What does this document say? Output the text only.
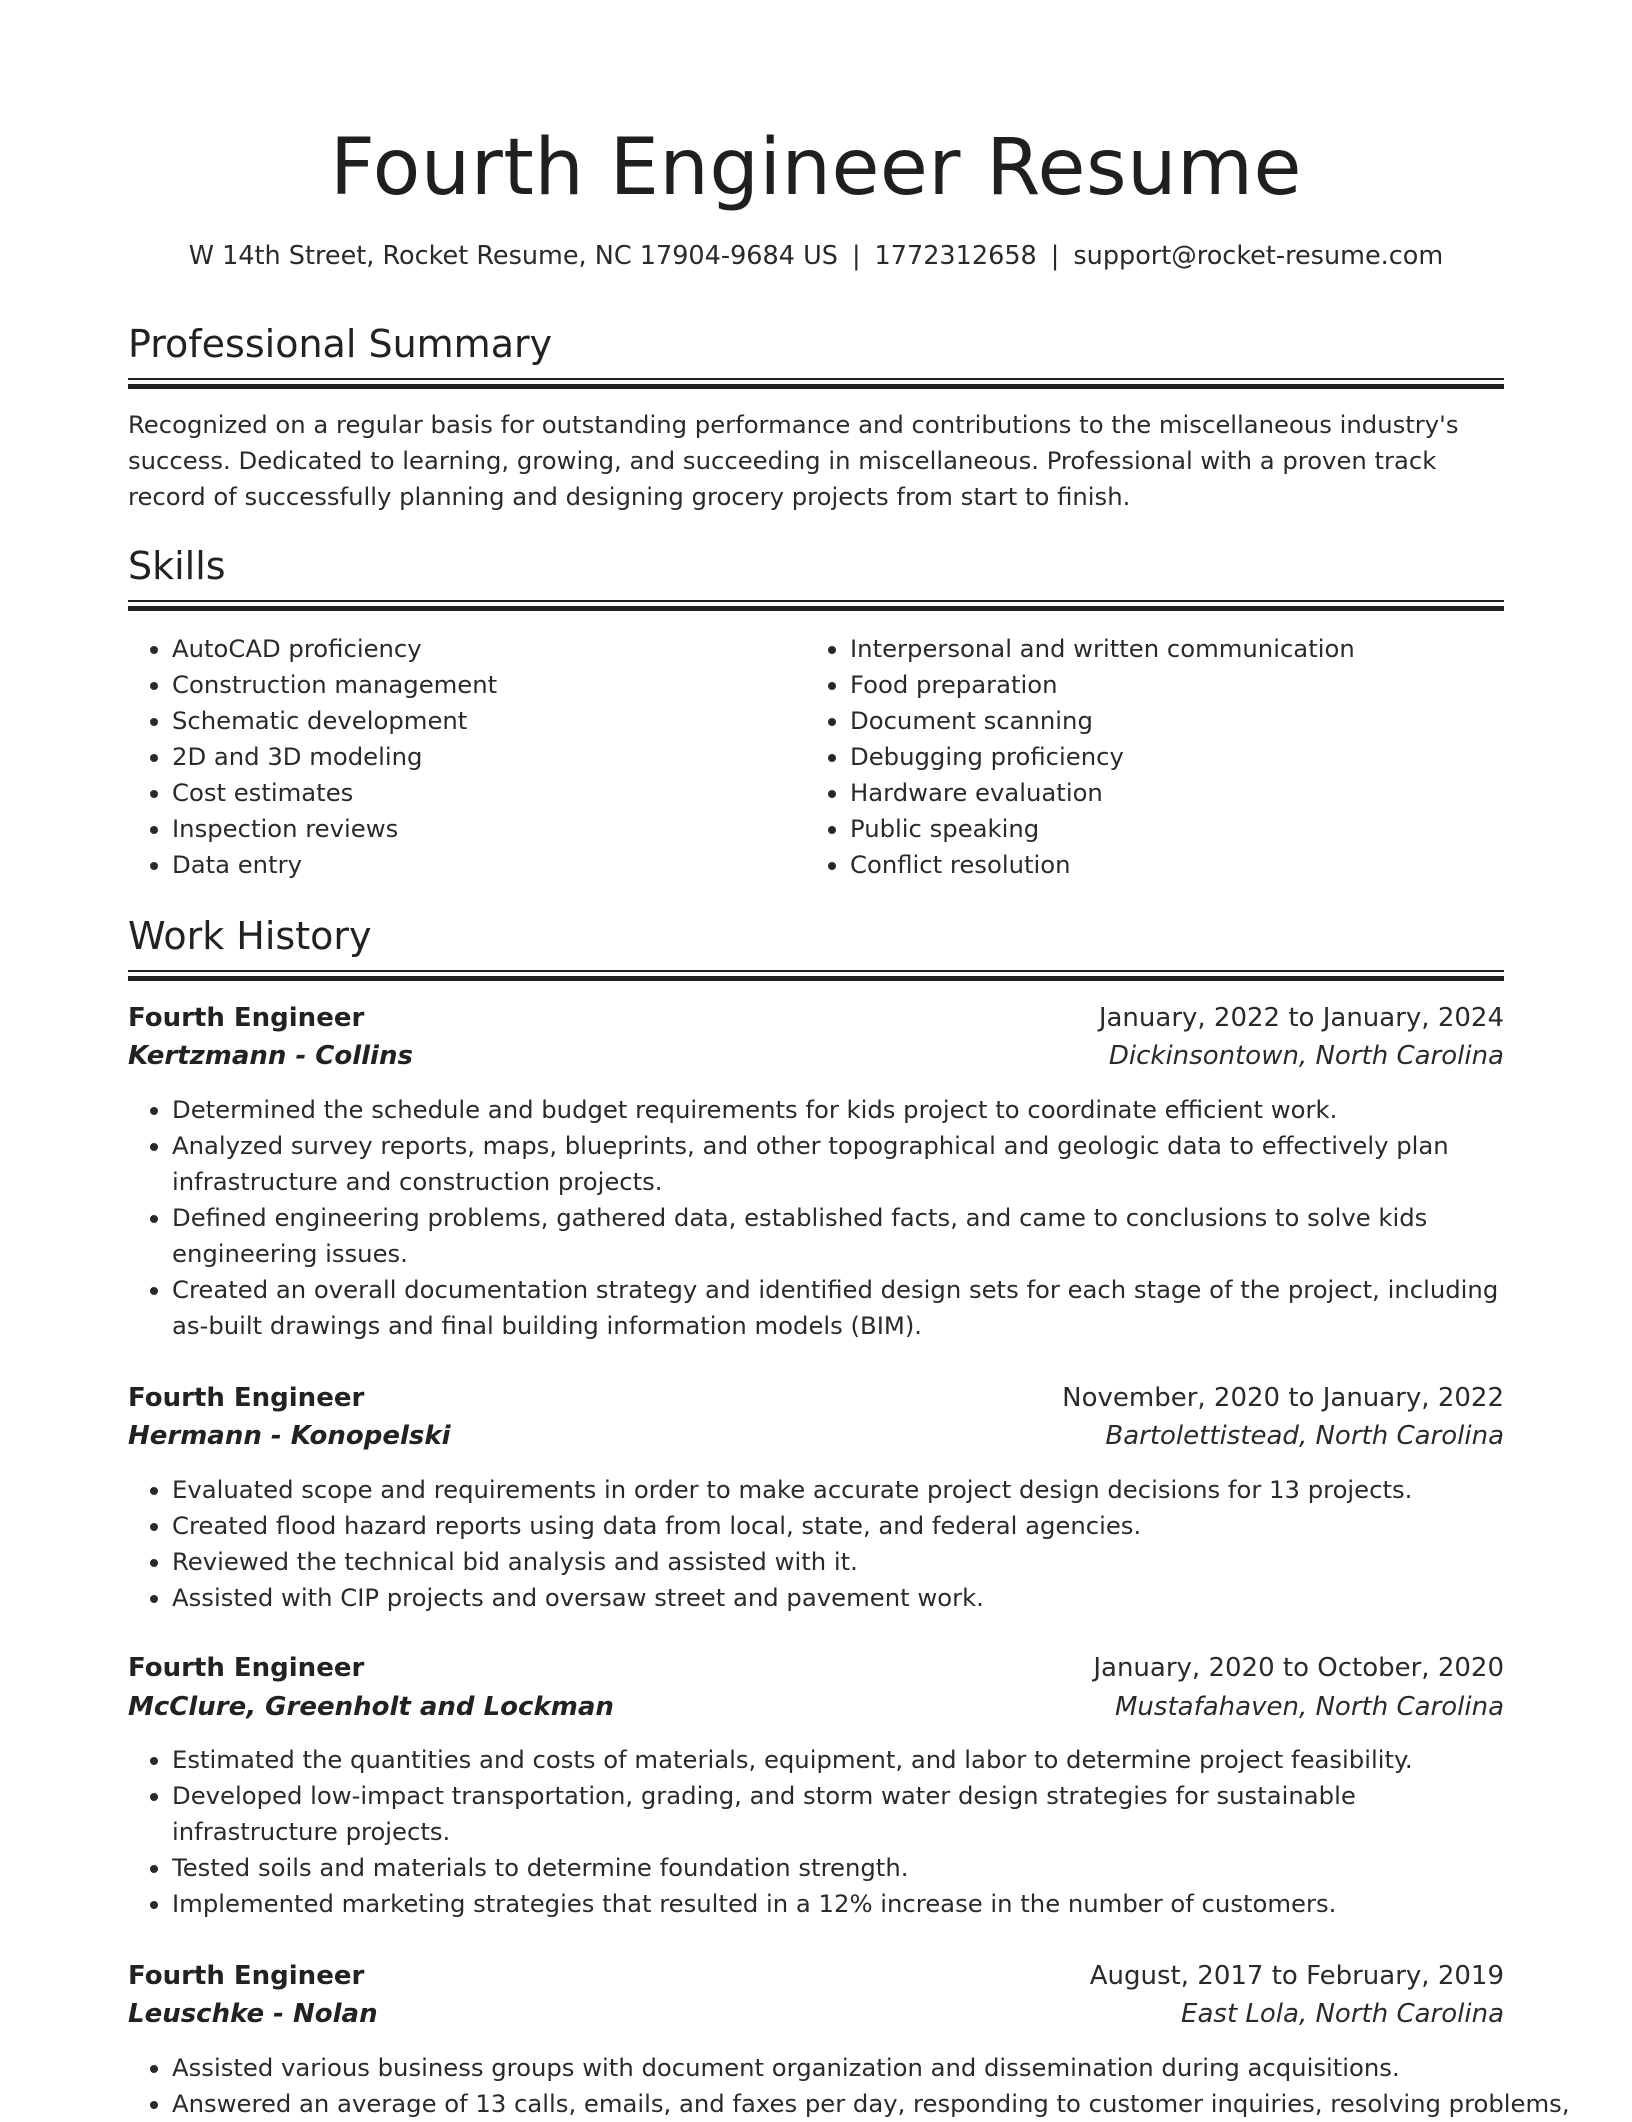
Fourth Engineer Resume
W 14th Street, Rocket Resume, NC 17904-9684 US | 1772312658 | support@rocket-resume.com
Professional Summary
Recognized on a regular basis for outstanding performance and contributions to the miscellaneous industry's success. Dedicated to learning, growing, and succeeding in miscellaneous. Professional with a proven track record of successfully planning and designing grocery projects from start to finish.
Skills
• AutoCAD proficiency
• Construction management
• Schematic development
• 2D and 3D modeling
• Cost estimates
• Inspection reviews
• Data entry
• Interpersonal and written communication
• Food preparation
• Document scanning
• Debugging proficiency
• Hardware evaluation
• Public speaking
• Conflict resolution
Work History
Fourth Engineer	January, 2022 to January, 2024
Kertzmann - Collins	Dickinsontown, North Carolina
• Determined the schedule and budget requirements for kids project to coordinate efficient work.
• Analyzed survey reports, maps, blueprints, and other topographical and geologic data to effectively plan infrastructure and construction projects.
• Defined engineering problems, gathered data, established facts, and came to conclusions to solve kids engineering issues.
• Created an overall documentation strategy and identified design sets for each stage of the project, including as-built drawings and final building information models (BIM).
Fourth Engineer	November, 2020 to January, 2022
Hermann - Konopelski	Bartolettistead, North Carolina
• Evaluated scope and requirements in order to make accurate project design decisions for 13 projects.
• Created flood hazard reports using data from local, state, and federal agencies.
• Reviewed the technical bid analysis and assisted with it.
• Assisted with CIP projects and oversaw street and pavement work.
Fourth Engineer	January, 2020 to October, 2020
McClure, Greenholt and Lockman	Mustafahaven, North Carolina
• Estimated the quantities and costs of materials, equipment, and labor to determine project feasibility.
• Developed low-impact transportation, grading, and storm water design strategies for sustainable infrastructure projects.
• Tested soils and materials to determine foundation strength.
• Implemented marketing strategies that resulted in a 12% increase in the number of customers.
Fourth Engineer	August, 2017 to February, 2019
Leuschke - Nolan	East Lola, North Carolina
• Assisted various business groups with document organization and dissemination during acquisitions.
• Answered an average of 13 calls, emails, and faxes per day, responding to customer inquiries, resolving problems,
